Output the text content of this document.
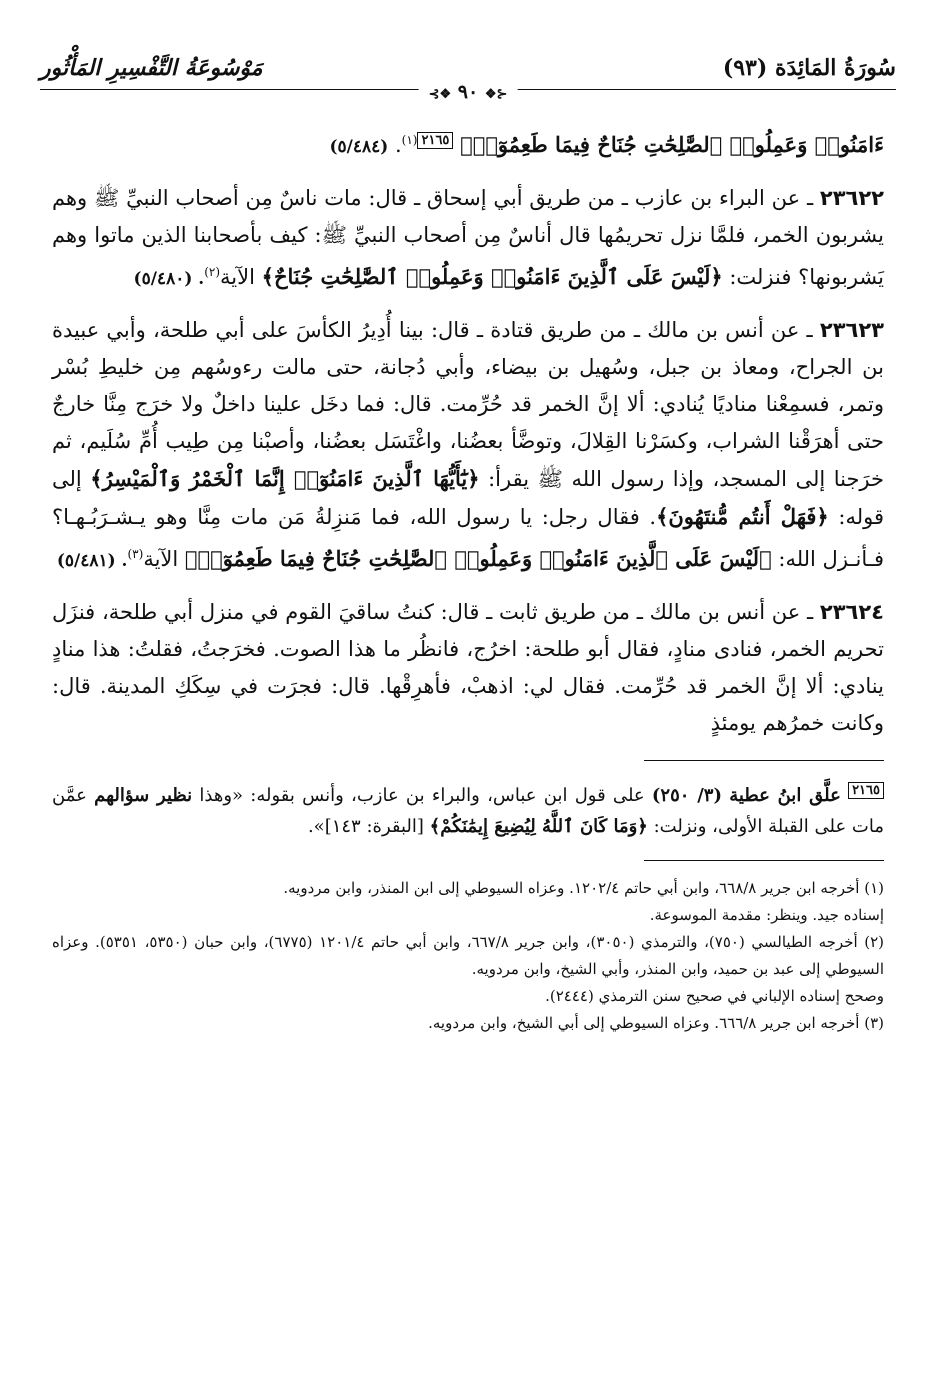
سُورَةُ المَائِدَة (٩٣)
مَوْسُوعَةُ التَّفْسِيرِ المَأْثُور
⊰❖ ٩٠ ❖⊱

ءَامَنُوا۟ وَعَمِلُوا۟ ٱلصَّٰلِحَٰتِ جُنَاحٌ فِيمَا طَعِمُوٓا۟﴾ $^{٢١٦٥(١)}$. (٥/٤٨٤)

٢٣٦٢٢ ـ عن البراء بن عازب ـ من طريق أبي إسحاق ـ قال: مات ناسٌ مِن أصحاب النبيِّ ﷺ وهم يشربون الخمر، فلمَّا نزل تحريمُها قال أناسٌ مِن أصحاب النبيِّ ﷺ: كيف بأصحابنا الذين ماتوا وهم يَشربونها؟ فنزلت: ﴿لَيْسَ عَلَى ٱلَّذِينَ ءَامَنُوا۟ وَعَمِلُوا۟ ٱلصَّٰلِحَٰتِ جُنَاحٌ﴾ الآية$^{(٢)}$. (٥/٤٨٠)

٢٣٦٢٣ ـ عن أنس بن مالك ـ من طريق قتادة ـ قال: بينا أُدِيرُ الكأسَ على أبي طلحة، وأبي عبيدة بن الجراح، ومعاذ بن جبل، وسُهيل بن بيضاء، وأبي دُجانة، حتى مالت رءوسُهم مِن خليطِ بُسْر وتمر، فسمِعْنا مناديًا يُنادي: ألا إنَّ الخمر قد حُرِّمت. قال: فما دخَل علينا داخلٌ ولا خرَج مِنَّا خارجٌ حتى أهرَقْنا الشراب، وكسَرْنا القِلالَ، وتوضَّأ بعضُنا، واغْتَسَل بعضُنا، وأصبْنا مِن طِيب أُمِّ سُلَيم، ثم خرَجنا إلى المسجد، وإذا رسول الله ﷺ يقرأ: ﴿يَٰٓأَيُّهَا ٱلَّذِينَ ءَامَنُوٓا۟ إِنَّمَا ٱلْخَمْرُ وَٱلْمَيْسِرُ﴾ إلى قوله: ﴿فَهَلْ أَنتُم مُّنتَهُونَ﴾. فقال رجل: يا رسول الله، فما مَنزِلةُ مَن مات مِنَّا وهو يـشـرَبُـهـا؟ فـأنـزل الله: ﴿لَيْسَ عَلَى ٱلَّذِينَ ءَامَنُوا۟ وَعَمِلُوا۟ ٱلصَّٰلِحَٰتِ جُنَاحٌ فِيمَا طَعِمُوٓا۟﴾ الآية$^{(٣)}$. (٥/٤٨١)

٢٣٦٢٤ ـ عن أنس بن مالك ـ من طريق ثابت ـ قال: كنتُ ساقيَ القوم في منزل أبي طلحة، فنزَل تحريم الخمر، فنادى منادٍ، فقال أبو طلحة: اخرُج، فانظُر ما هذا الصوت. فخرَجتُ، فقلتُ: هذا منادٍ ينادي: ألا إنَّ الخمر قد حُرِّمت. فقال لي: اذهبْ، فأهرِقْها. قال: فجرَت في سِكَكِ المدينة. قال: وكانت خمرُهم يومئذٍ

$^{٢١٦٥}$ علَّق ابنُ عطية (٣/ ٢٥٠) على قول ابن عباس، والبراء بن عازب، وأنس بقوله: «وهذا نظير سؤالهم عمَّن مات على القبلة الأولى، ونزلت: ﴿وَمَا كَانَ ٱللَّهُ لِيُضِيعَ إِيمَٰنَكُمْ﴾ [البقرة: ١٤٣]».
(١) أخرجه ابن جرير ٦٦٨/٨، وابن أبي حاتم ١٢٠٢/٤. وعزاه السيوطي إلى ابن المنذر، وابن مردويه.
إسناده جيد. وينظر: مقدمة الموسوعة.
(٢) أخرجه الطيالسي (٧٥٠)، والترمذي (٣٠٥٠)، وابن جرير ٦٦٧/٨، وابن أبي حاتم ١٢٠١/٤ (٦٧٧٥)، وابن حبان (٥٣٥٠، ٥٣٥١). وعزاه السيوطي إلى عبد بن حميد، وابن المنذر، وأبي الشيخ، وابن مردويه.
وصحح إسناده الإلباني في صحيح سنن الترمذي (٢٤٤٤).
(٣) أخرجه ابن جرير ٦٦٦/٨. وعزاه السيوطي إلى أبي الشيخ، وابن مردويه.
